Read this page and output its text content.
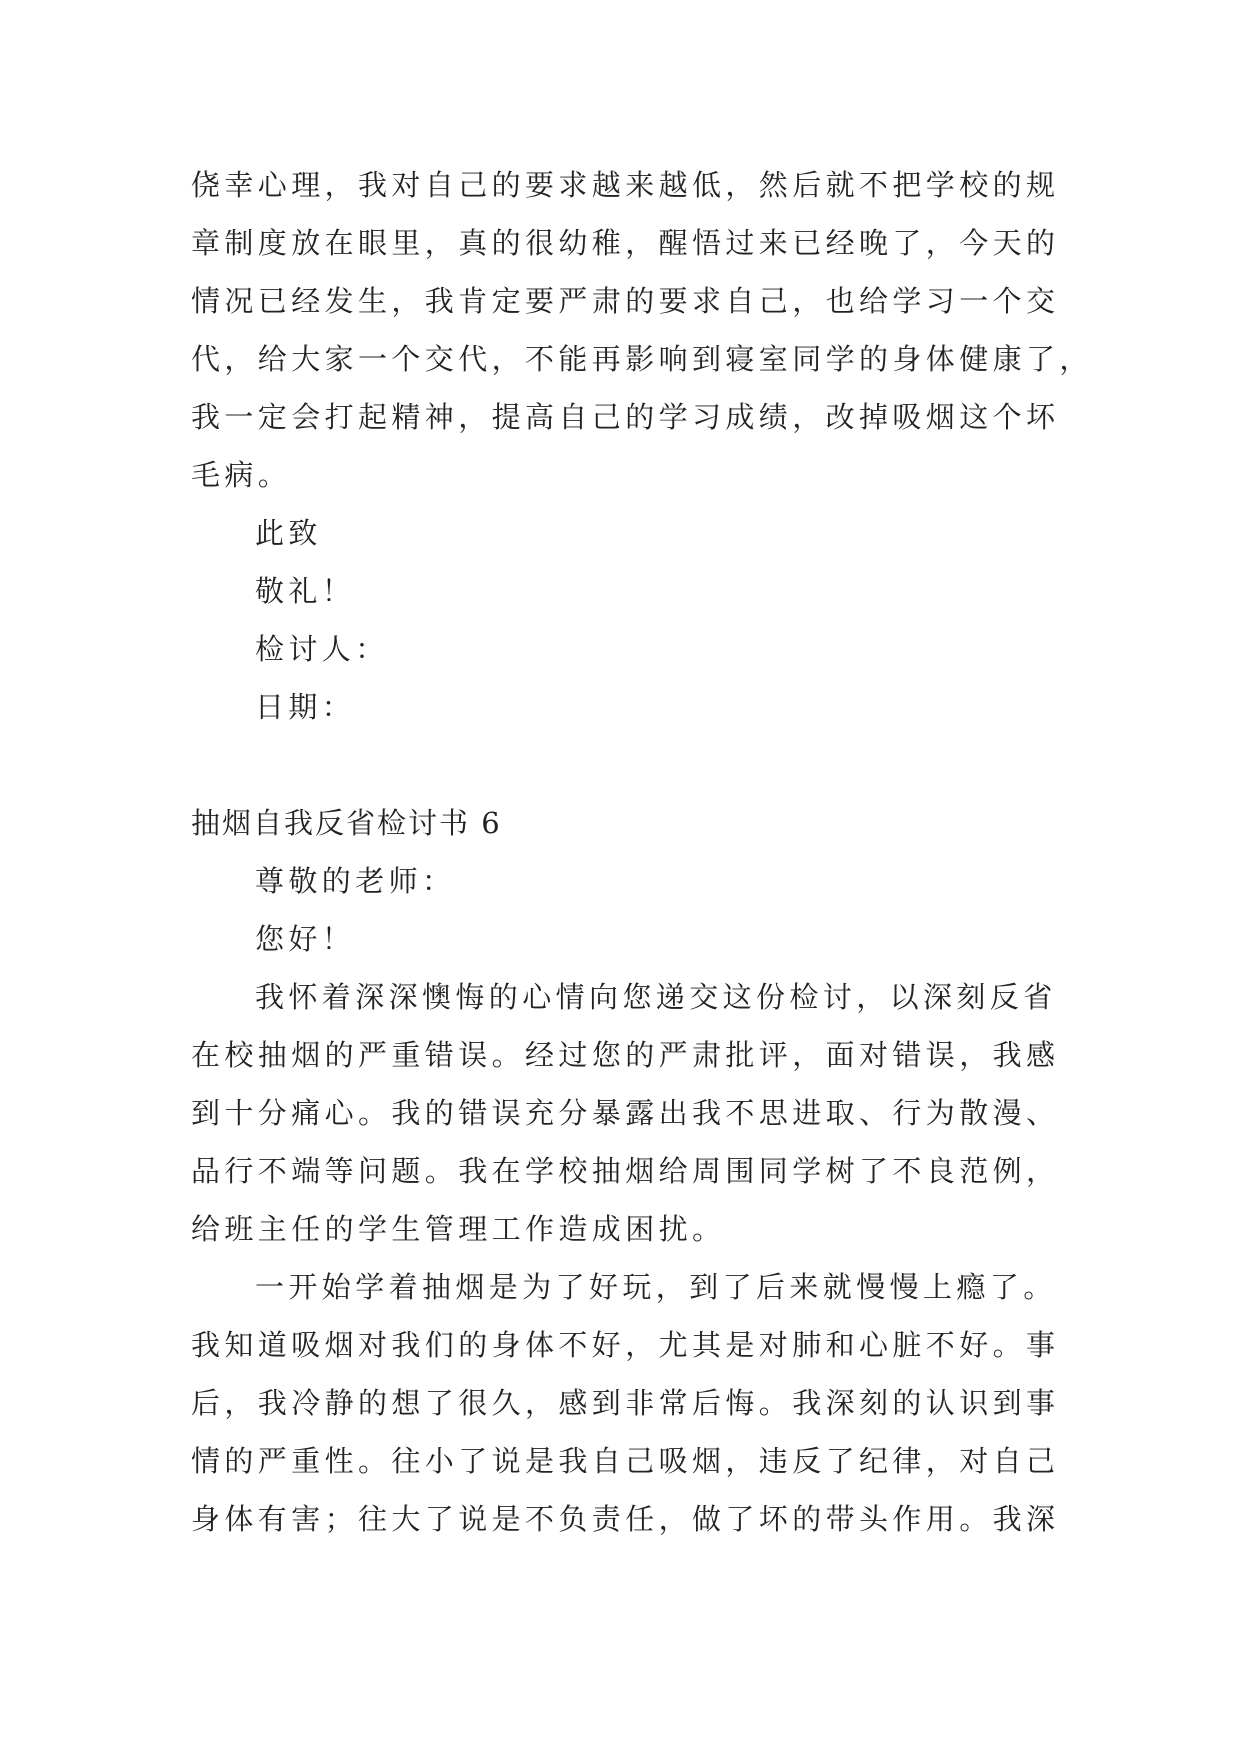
侥幸心理，我对自己的要求越来越低，然后就不把学校的规
章制度放在眼里，真的很幼稚，醒悟过来已经晚了，今天的
情况已经发生，我肯定要严肃的要求自己，也给学习一个交
代，给大家一个交代，不能再影响到寝室同学的身体健康了，
我一定会打起精神，提高自己的学习成绩，改掉吸烟这个坏
毛病。
此致
敬礼！
检讨人：
日期：
抽烟自我反省检讨书 6
尊敬的老师：
您好！
我怀着深深懊悔的心情向您递交这份检讨，以深刻反省
在校抽烟的严重错误。经过您的严肃批评，面对错误，我感
到十分痛心。我的错误充分暴露出我不思进取、行为散漫、
品行不端等问题。我在学校抽烟给周围同学树了不良范例，
给班主任的学生管理工作造成困扰。
一开始学着抽烟是为了好玩，到了后来就慢慢上瘾了。
我知道吸烟对我们的身体不好，尤其是对肺和心脏不好。事
后，我冷静的想了很久，感到非常后悔。我深刻的认识到事
情的严重性。往小了说是我自己吸烟，违反了纪律，对自己
身体有害；往大了说是不负责任，做了坏的带头作用。我深
